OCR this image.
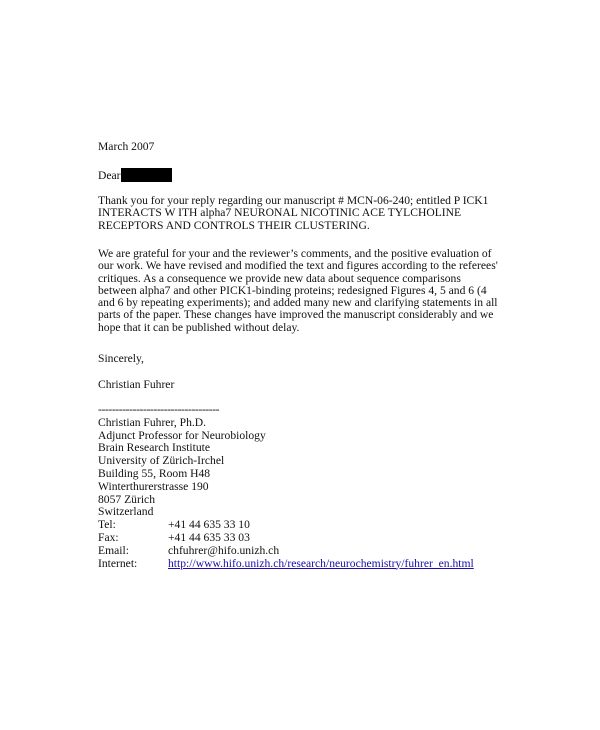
March 2007
Dear
Thank you for your reply regarding our manuscript # MCN-06-240; entitled P ICK1
INTERACTS W ITH alpha7 NEURONAL NICOTINIC ACE TYLCHOLINE
RECEPTORS AND CONTROLS THEIR CLUSTERING.
We are grateful for your and the reviewer’s comments, and the positive evaluation of
our work. We have revised and modified the text and figures according to the referees'
critiques. As a consequence we provide new data about sequence comparisons
between alpha7 and other PICK1-binding proteins; redesigned Figures 4, 5 and 6 (4
and 6 by repeating experiments); and added many new and clarifying statements in all
parts of the paper. These changes have improved the manuscript considerably and we
hope that it can be published without delay.
Sincerely,
Christian Fuhrer
-----------------------------------
Christian Fuhrer, Ph.D.
Adjunct Professor for Neurobiology
Brain Research Institute
University of Zürich-Irchel
Building 55, Room H48
Winterthurerstrasse 190
8057 Zürich
Switzerland
Tel:	+41 44 635 33 10
Fax:	+41 44 635 33 03
Email:	chfuhrer@hifo.unizh.ch
Internet:	http://www.hifo.unizh.ch/research/neurochemistry/fuhrer_en.html
